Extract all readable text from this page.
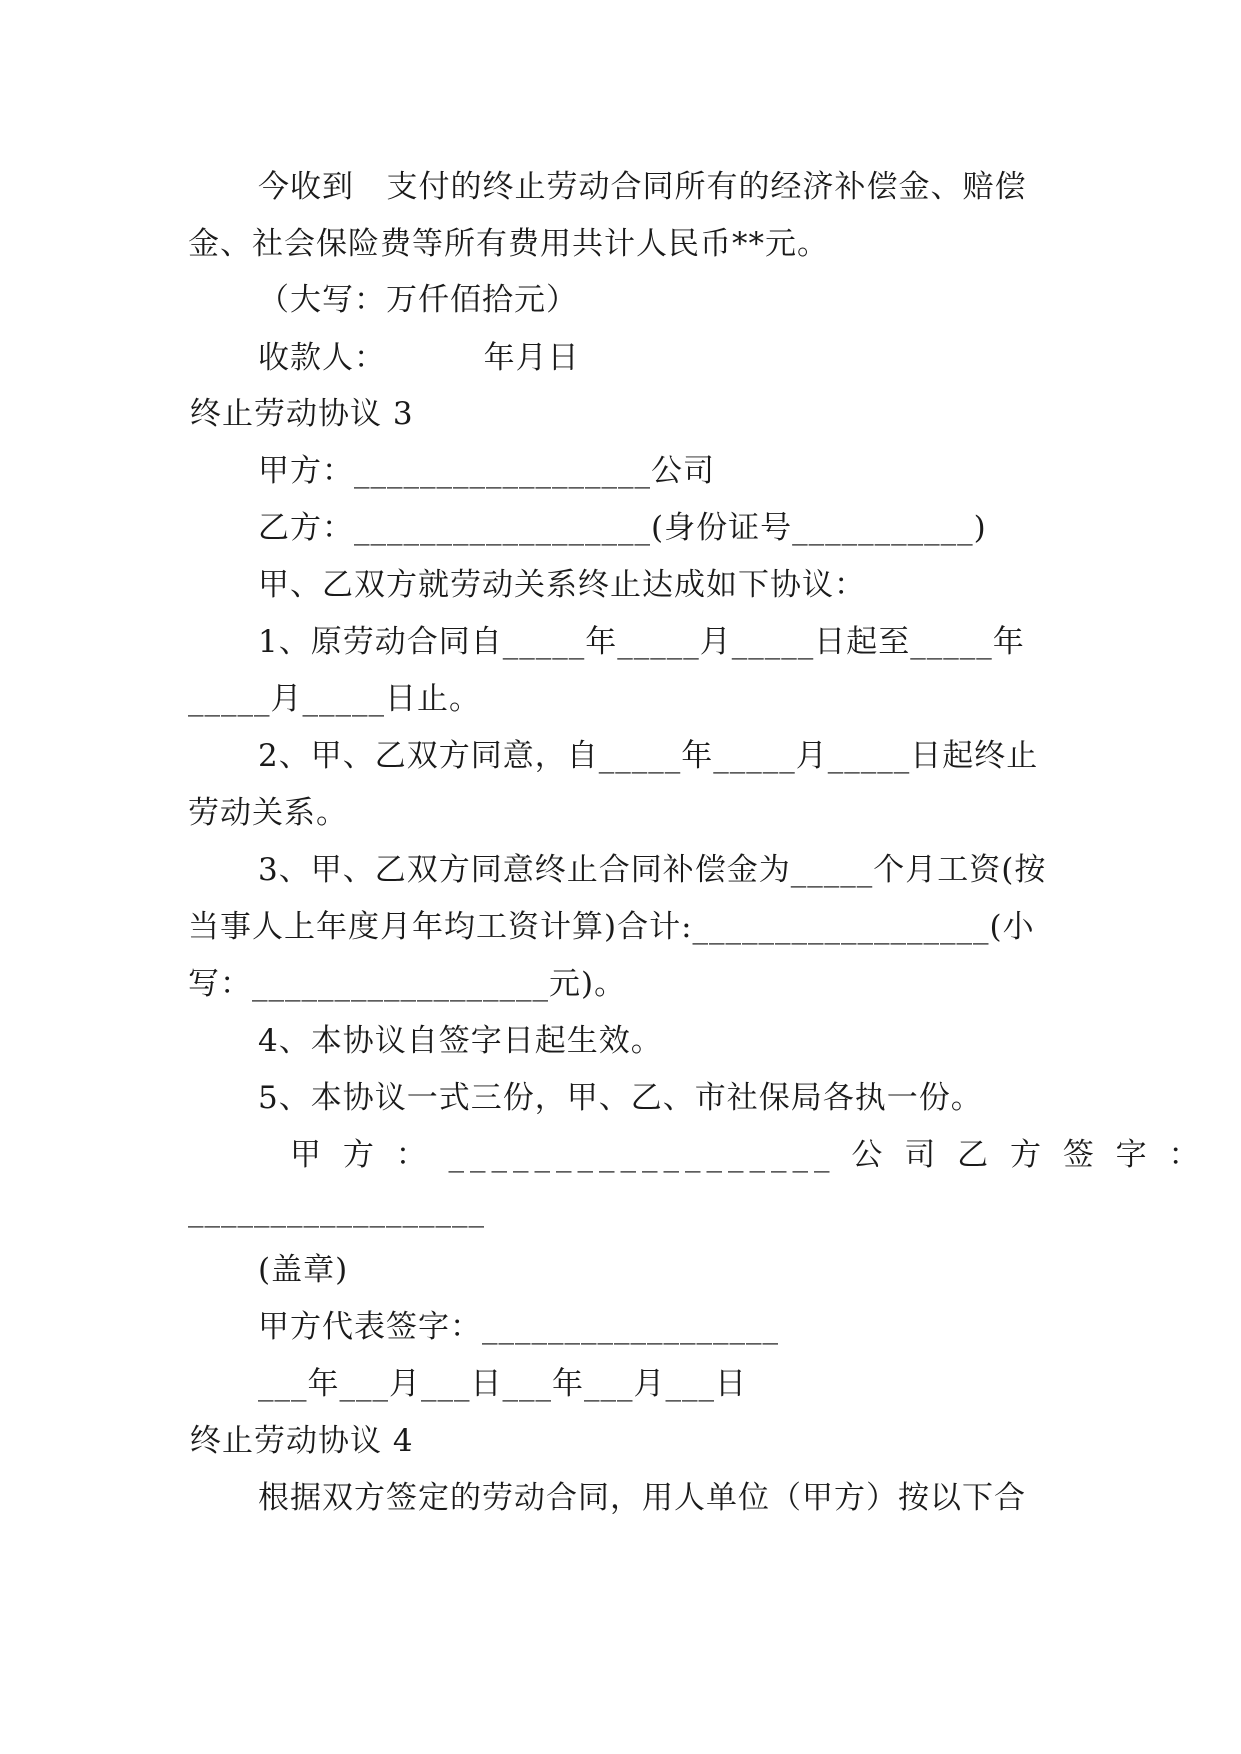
今收到   支付的终止劳动合同所有的经济补偿金、赔偿
金、社会保险费等所有费用共计人民币**元。
（大写：万仟佰拾元）
收款人：         年月日
终止劳动协议 3
甲方：__________________公司
乙方：__________________(身份证号___________)
甲、乙双方就劳动关系终止达成如下协议：
1、原劳动合同自_____年_____月_____日起至_____年
_____月_____日止。
2、甲、乙双方同意，自_____年_____月_____日起终止
劳动关系。
3、甲、乙双方同意终止合同补偿金为_____个月工资(按
当事人上年度月年均工资计算)合计:__________________(小
写：__________________元)。
4、本协议自签字日起生效。
5、本协议一式三份，甲、乙、市社保局各执一份。
甲 方 ： __________________ 公 司 乙 方 签 字 ：
__________________
(盖章)
甲方代表签字：__________________
___年___月___日___年___月___日
终止劳动协议 4
根据双方签定的劳动合同，用人单位（甲方）按以下合
